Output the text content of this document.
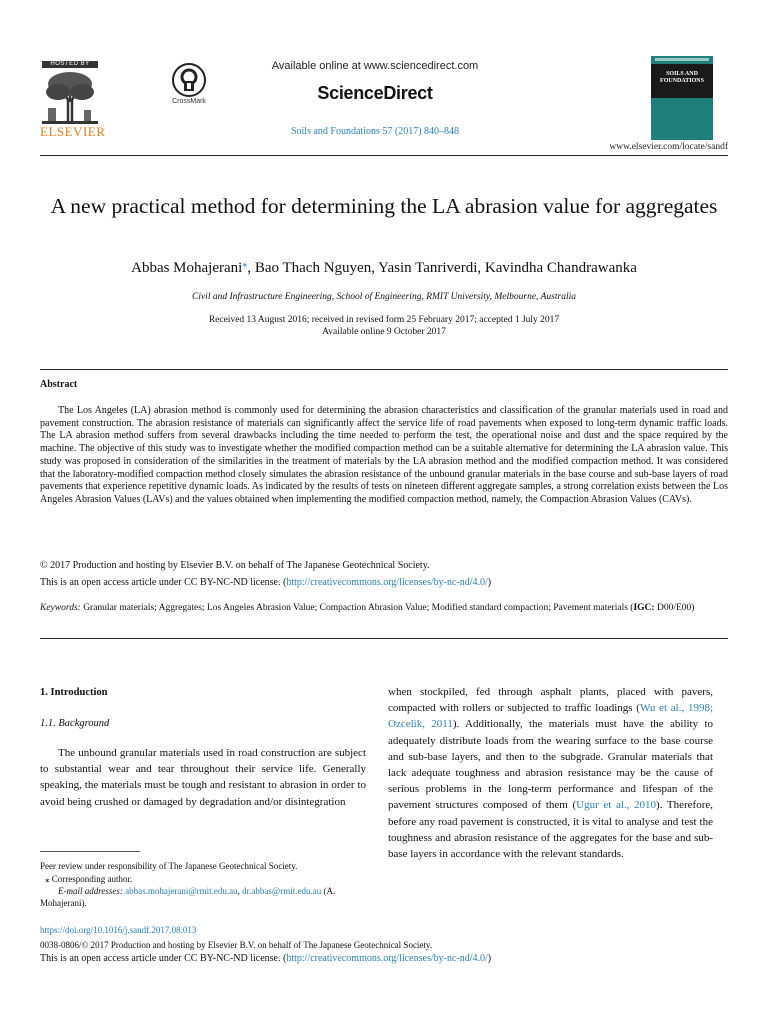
HOSTED BY
ELSEVIER
CrossMark
Available online at www.sciencedirect.com
ScienceDirect
Soils and Foundations 57 (2017) 840–848
SOILS AND FOUNDATIONS
www.elsevier.com/locate/sandf
A new practical method for determining the LA abrasion value for aggregates
Abbas Mohajerani⁎, Bao Thach Nguyen, Yasin Tanriverdi, Kavindha Chandrawanka
Civil and Infrastructure Engineering, School of Engineering, RMIT University, Melbourne, Australia
Received 13 August 2016; received in revised form 25 February 2017; accepted 1 July 2017
Available online 9 October 2017
Abstract
The Los Angeles (LA) abrasion method is commonly used for determining the abrasion characteristics and classification of the granular materials used in road and pavement construction. The abrasion resistance of materials can significantly affect the service life of road pavements when exposed to long-term dynamic traffic loads. The LA abrasion method suffers from several drawbacks including the time needed to perform the test, the operational noise and dust and the space required by the machine. The objective of this study was to investigate whether the modified compaction method can be a suitable alternative for determining the LA abrasion value. This study was proposed in consideration of the similarities in the treatment of materials by the LA abrasion method and the modified compaction method. It was considered that the laboratory-modified compaction method closely simulates the abrasion resistance of the unbound granular materials in the base course and sub-base layers of road pavements that experience repetitive dynamic loads. As indicated by the results of tests on nineteen different aggregate samples, a strong correlation exists between the Los Angeles Abrasion Values (LAVs) and the values obtained when implementing the modified compaction method, namely, the Compaction Abrasion Values (CAVs).
© 2017 Production and hosting by Elsevier B.V. on behalf of The Japanese Geotechnical Society.
This is an open access article under CC BY-NC-ND license. (http://creativecommons.org/licenses/by-nc-nd/4.0/)
Keywords: Granular materials; Aggregates; Los Angeles Abrasion Value; Compaction Abrasion Value; Modified standard compaction; Pavement materials (IGC: D00/E00)
1. Introduction
1.1. Background
The unbound granular materials used in road construction are subject to substantial wear and tear throughout their service life. Generally speaking, the materials must be tough and resistant to abrasion in order to avoid being crushed or damaged by degradation and/or disintegration
when stockpiled, fed through asphalt plants, placed with pavers, compacted with rollers or subjected to traffic loadings (Wu et al., 1998; Ozcelik, 2011). Additionally, the materials must have the ability to adequately distribute loads from the wearing surface to the base course and sub-base layers, and then to the subgrade. Granular materials that lack adequate toughness and abrasion resistance may be the cause of serious problems in the long-term performance and lifespan of the pavement structures composed of them (Ugur et al., 2010). Therefore, before any road pavement is constructed, it is vital to analyse and test the toughness and abrasion resistance of the aggregates for the base and sub-base layers in accordance with the relevant standards.
Peer review under responsibility of The Japanese Geotechnical Society.
⁎ Corresponding author.
E-mail addresses: abbas.mohajerani@rmit.edu.au, dr.abbas@rmit.edu.au (A. Mohajerani).
https://doi.org/10.1016/j.sandf.2017.08.013
0038-0806/© 2017 Production and hosting by Elsevier B.V. on behalf of The Japanese Geotechnical Society.
This is an open access article under CC BY-NC-ND license. (http://creativecommons.org/licenses/by-nc-nd/4.0/)
